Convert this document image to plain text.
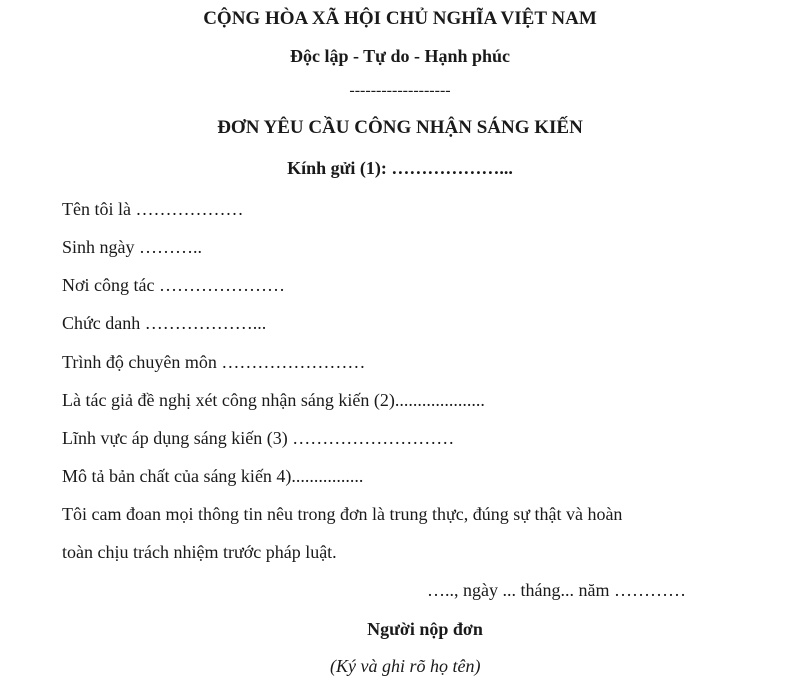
CỘNG HÒA XÃ HỘI CHỦ NGHĨA VIỆT NAM
Độc lập - Tự do - Hạnh phúc
-------------------
ĐƠN YÊU CẦU CÔNG NHẬN SÁNG KIẾN
Kính gửi (1): ………………...
Tên tôi là ………………
Sinh ngày ………..
Nơi công tác …………………
Chức danh ………………...
Trình độ chuyên môn ……………………
Là tác giả đề nghị xét công nhận sáng kiến (2)....................
Lĩnh vực áp dụng sáng kiến (3) ………………………
Mô tả bản chất của sáng kiến 4)................
Tôi cam đoan mọi thông tin nêu trong đơn là trung thực, đúng sự thật và hoàn
toàn chịu trách nhiệm trước pháp luật.
….., ngày ... tháng... năm …………
Người nộp đơn
(Ký và ghi rõ họ tên)
